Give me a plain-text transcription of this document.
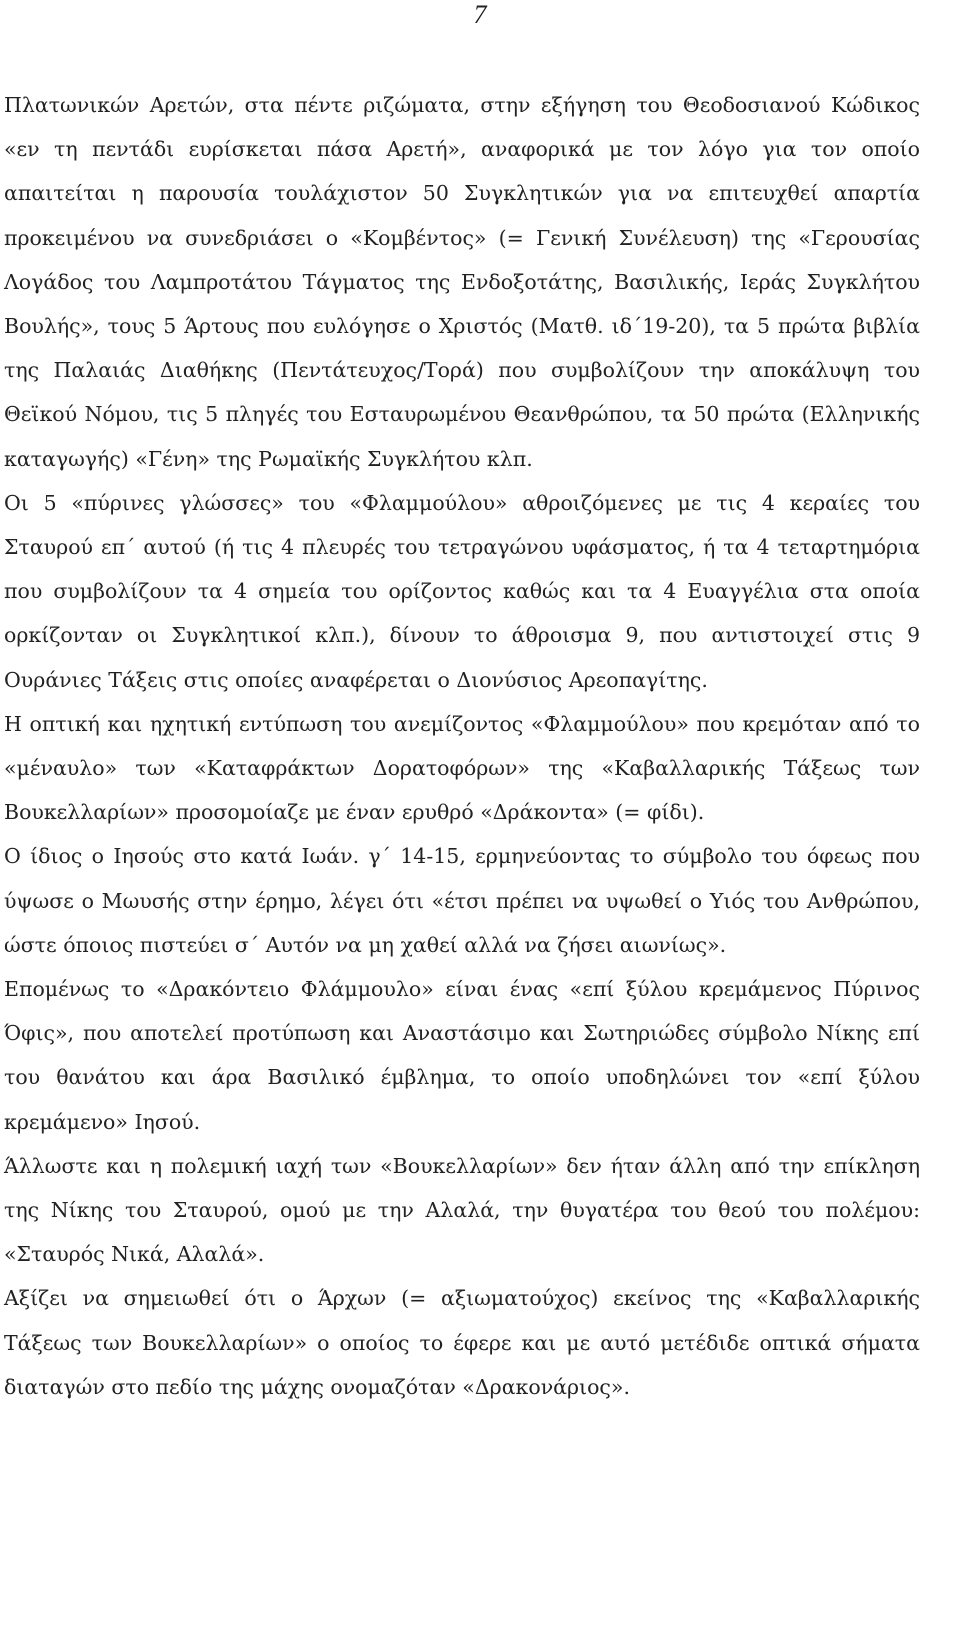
7

Πλατωνικών Αρετών, στα πέντε ριζώματα, στην εξήγηση του Θεοδοσιανού Κώδικος «εν τη πεντάδι ευρίσκεται πάσα Αρετή», αναφορικά με τον λόγο για τον οποίο απαιτείται η παρουσία τουλάχιστον 50 Συγκλητικών για να επιτευχθεί απαρτία προκειμένου να συνεδριάσει ο «Κομβέντος» (= Γενική Συνέλευση) της «Γερουσίας Λογάδος του Λαμπροτάτου Τάγματος της Ενδοξοτάτης, Βασιλικής, Ιεράς Συγκλήτου Βουλής», τους 5 Άρτους που ευλόγησε ο Χριστός (Ματθ. ιδ΄19-20), τα 5 πρώτα βιβλία της Παλαιάς Διαθήκης (Πεντάτευχος/Τορά) που συμβολίζουν την αποκάλυψη του Θεϊκού Νόμου, τις 5 πληγές του Εσταυρωμένου Θεανθρώπου, τα 50 πρώτα (Ελληνικής καταγωγής) «Γένη» της Ρωμαϊκής Συγκλήτου κλπ.

Οι 5 «πύρινες γλώσσες» του «Φλαμμούλου» αθροιζόμενες με τις 4 κεραίες του Σταυρού επ΄ αυτού (ή τις 4 πλευρές του τετραγώνου υφάσματος, ή τα 4 τεταρτημόρια που συμβολίζουν τα 4 σημεία του ορίζοντος καθώς και τα 4 Ευαγγέλια στα οποία ορκίζονταν οι Συγκλητικοί κλπ.), δίνουν το άθροισμα 9, που αντιστοιχεί στις 9 Ουράνιες Τάξεις στις οποίες αναφέρεται ο Διονύσιος Αρεοπαγίτης.

Η οπτική και ηχητική εντύπωση του ανεμίζοντος «Φλαμμούλου» που κρεμόταν από το «μέναυλο» των «Καταφράκτων Δορατοφόρων» της «Καβαλλαρικής Τάξεως των Βουκελλαρίων» προσομοίαζε με έναν ερυθρό «Δράκοντα» (= φίδι).

Ο ίδιος ο Ιησούς στο κατά Ιωάν. γ΄ 14-15, ερμηνεύοντας το σύμβολο του όφεως που ύψωσε ο Μωυσής στην έρημο, λέγει ότι «έτσι πρέπει να υψωθεί ο Υιός του Ανθρώπου, ώστε όποιος πιστεύει σ΄ Αυτόν να μη χαθεί αλλά να ζήσει αιωνίως».

Επομένως το «Δρακόντειο Φλάμμουλο» είναι ένας «επί ξύλου κρεμάμενος Πύρινος Όφις», που αποτελεί προτύπωση και Αναστάσιμο και Σωτηριώδες σύμβολο Νίκης επί του θανάτου και άρα Βασιλικό έμβλημα, το οποίο υποδηλώνει τον «επί ξύλου κρεμάμενο» Ιησού.

Άλλωστε και η πολεμική ιαχή των «Βουκελλαρίων» δεν ήταν άλλη από την επίκληση της Νίκης του Σταυρού, ομού με την Αλαλά, την θυγατέρα του θεού του πολέμου: «Σταυρός Νικά, Αλαλά».

Αξίζει να σημειωθεί ότι ο Άρχων (= αξιωματούχος) εκείνος της «Καβαλλαρικής Τάξεως των Βουκελλαρίων» ο οποίος το έφερε και με αυτό μετέδιδε οπτικά σήματα διαταγών στο πεδίο της μάχης ονομαζόταν «Δρακονάριος».
